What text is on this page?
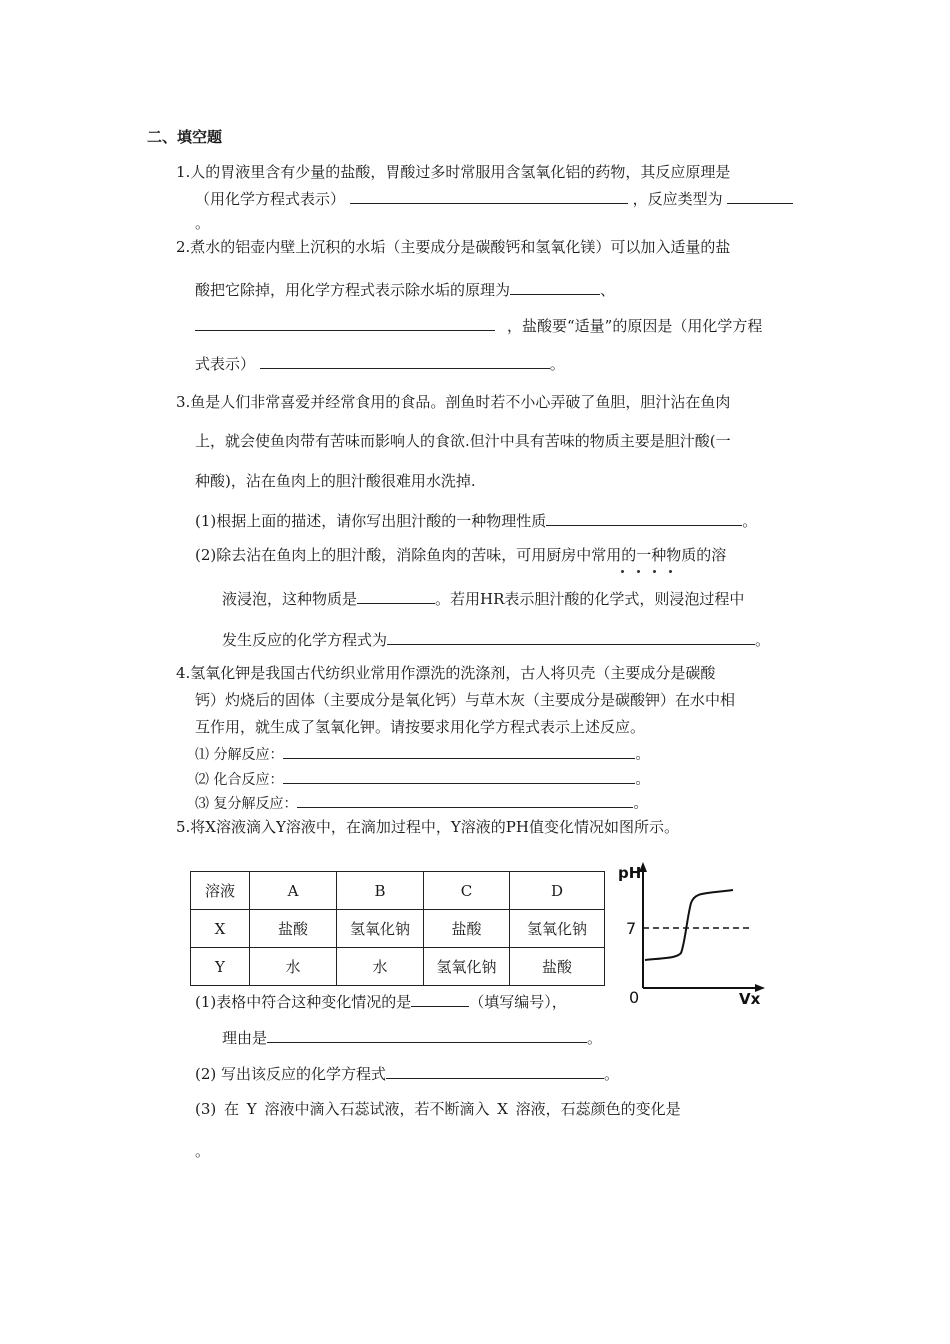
二、填空题
1.人的胃液里含有少量的盐酸，胃酸过多时常服用含氢氧化铝的药物，其反应原理是
（用化学方程式表示）	，反应类型为
。
2.煮水的铝壶内壁上沉积的水垢（主要成分是碳酸钙和氢氧化镁）可以加入适量的盐
酸把它除掉，用化学方程式表示除水垢的原理为	、
，盐酸要“适量”的原因是（用化学方程
式表示）	。
3.鱼是人们非常喜爱并经常食用的食品。剖鱼时若不小心弄破了鱼胆，胆汁沾在鱼肉
上，就会使鱼肉带有苦味而影响人的食欲.但汁中具有苦味的物质主要是胆汁酸(一
种酸)，沾在鱼肉上的胆汁酸很难用水洗掉.
(1)根据上面的描述，请你写出胆汁酸的一种物理性质	。
(2)除去沾在鱼肉上的胆汁酸，消除鱼肉的苦味，可用厨房中常用的一种物质的溶
液浸泡，这种物质是	。若用HR表示胆汁酸的化学式，则浸泡过程中
发生反应的化学方程式为	。
4.氢氧化钾是我国古代纺织业常用作漂洗的洗涤剂，古人将贝壳（主要成分是碳酸
钙）灼烧后的固体（主要成分是氧化钙）与草木灰（主要成分是碳酸钾）在水中相
互作用，就生成了氢氧化钾。请按要求用化学方程式表示上述反应。
⑴ 分解反应：	。
⑵ 化合反应：	。
⑶ 复分解反应：	。
5.将X溶液滴入Y溶液中，在滴加过程中，Y溶液的PH值变化情况如图所示。
溶液	A	B	C	D
X	盐酸	氢氧化钠	盐酸	氢氧化钠
Y	水	水	氢氧化钠	盐酸
pH
7
0	Vx
(1)表格中符合这种变化情况的是	（填写编号），
理由是	。
(2) 写出该反应的化学方程式	。
(3) 在 Y 溶液中滴入石蕊试液，若不断滴入 X 溶液，石蕊颜色的变化是
。
